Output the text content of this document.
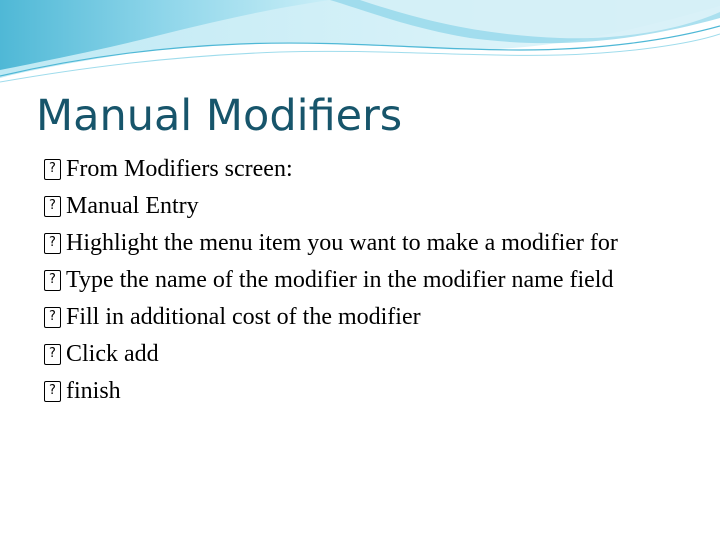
Manual Modifiers
? From Modifiers screen:
? Manual Entry
? Highlight the menu item you want to make a modifier for
? Type the name of the modifier in the modifier name field
? Fill in additional cost of the modifier
? Click add
? finish
